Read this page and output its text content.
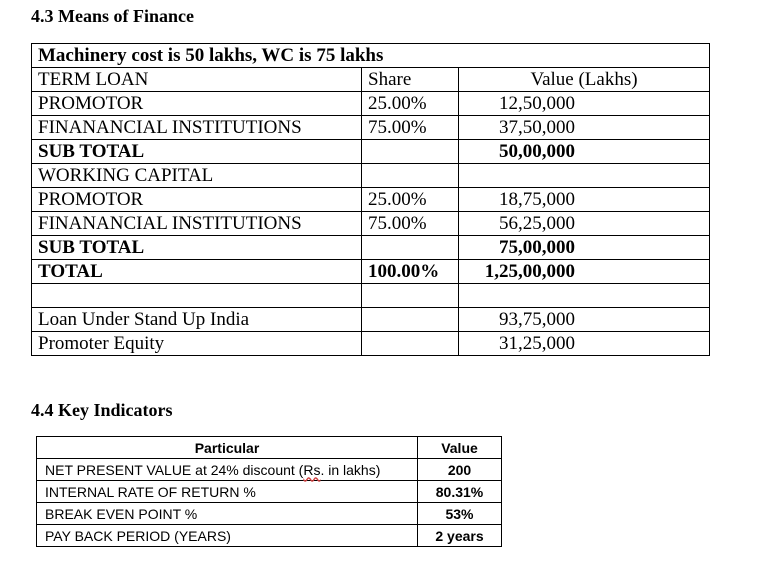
4.3 Means of Finance

Machinery cost is 50 lakhs, WC is 75 lakhs		
TERM LOAN	Share	Value (Lakhs)
PROMOTOR	25.00%	12,50,000
FINANANCIAL INSTITUTIONS	75.00%	37,50,000
SUB TOTAL		50,00,000
WORKING CAPITAL		
PROMOTOR	25.00%	18,75,000
FINANANCIAL INSTITUTIONS	75.00%	56,25,000
SUB TOTAL		75,00,000
TOTAL	100.00%	1,25,00,000

Loan Under Stand Up India		93,75,000
Promoter Equity		31,25,000

4.4 Key Indicators

Particular	Value
NET PRESENT VALUE at 24% discount (Rs. in lakhs)	200
INTERNAL RATE OF RETURN %	80.31%
BREAK EVEN POINT %	53%
PAY BACK PERIOD (YEARS)	2 years
